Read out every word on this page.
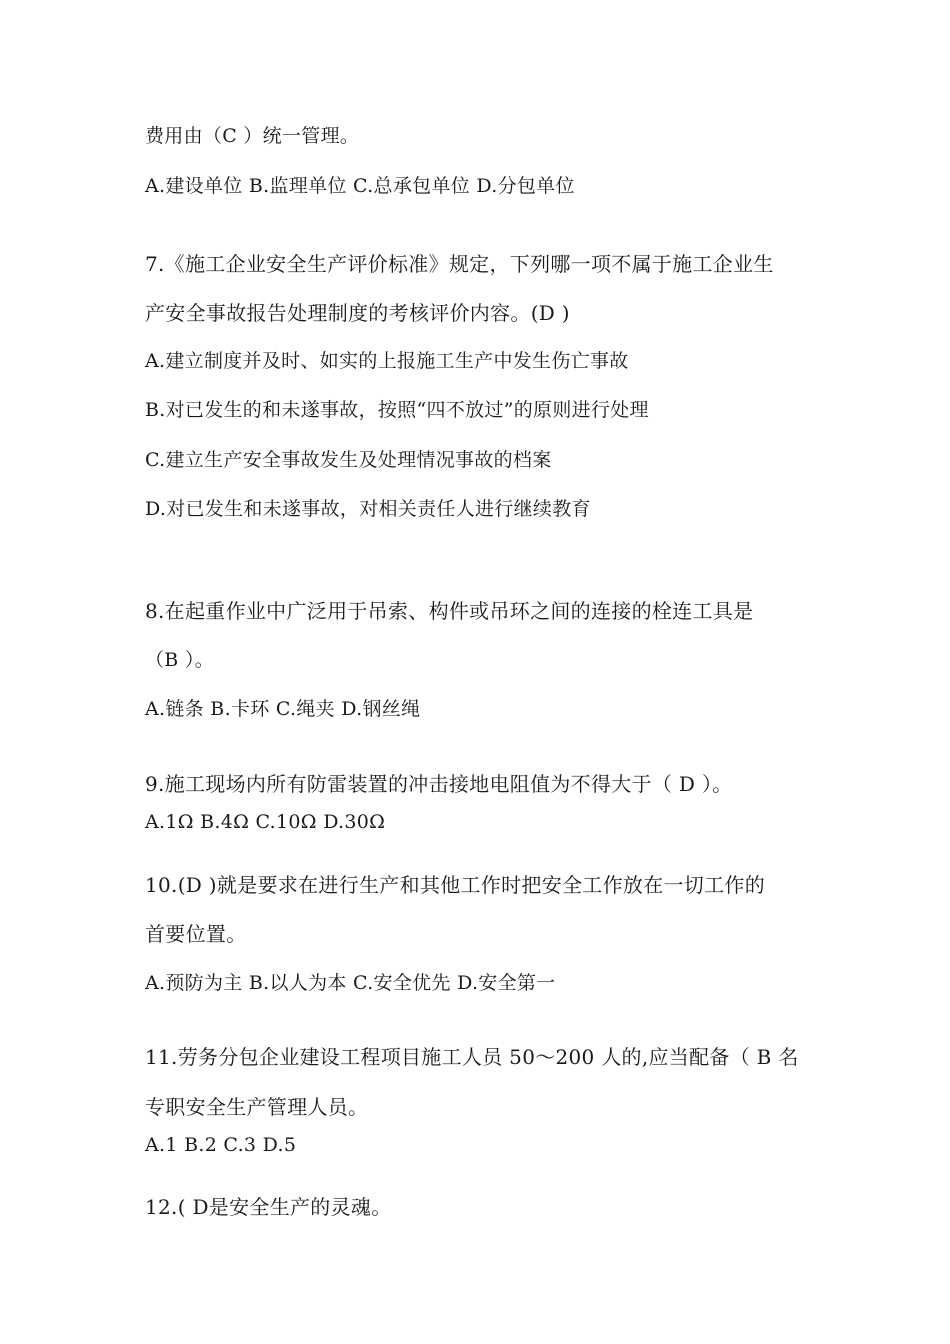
费用由（C ）统一管理。
A.建设单位 B.监理单位 C.总承包单位 D.分包单位
7.《施工企业安全生产评价标准》规定，下列哪一项不属于施工企业生
产安全事故报告处理制度的考核评价内容。(D )
A.建立制度并及时、如实的上报施工生产中发生伤亡事故
B.对已发生的和未遂事故，按照“四不放过”的原则进行处理
C.建立生产安全事故发生及处理情况事故的档案
D.对已发生和未遂事故，对相关责任人进行继续教育
8.在起重作业中广泛用于吊索、构件或吊环之间的连接的栓连工具是
（B ）。
A.链条 B.卡环 C.绳夹 D.钢丝绳
9.施工现场内所有防雷装置的冲击接地电阻值为不得大于（ D ）。
A.1Ω B.4Ω C.10Ω D.30Ω
10.(D )就是要求在进行生产和其他工作时把安全工作放在一切工作的
首要位置。
A.预防为主 B.以人为本 C.安全优先 D.安全第一
11.劳务分包企业建设工程项目施工人员 50～200 人的,应当配备（ B 名
专职安全生产管理人员。
A.1 B.2 C.3 D.5
12.( D是安全生产的灵魂。
